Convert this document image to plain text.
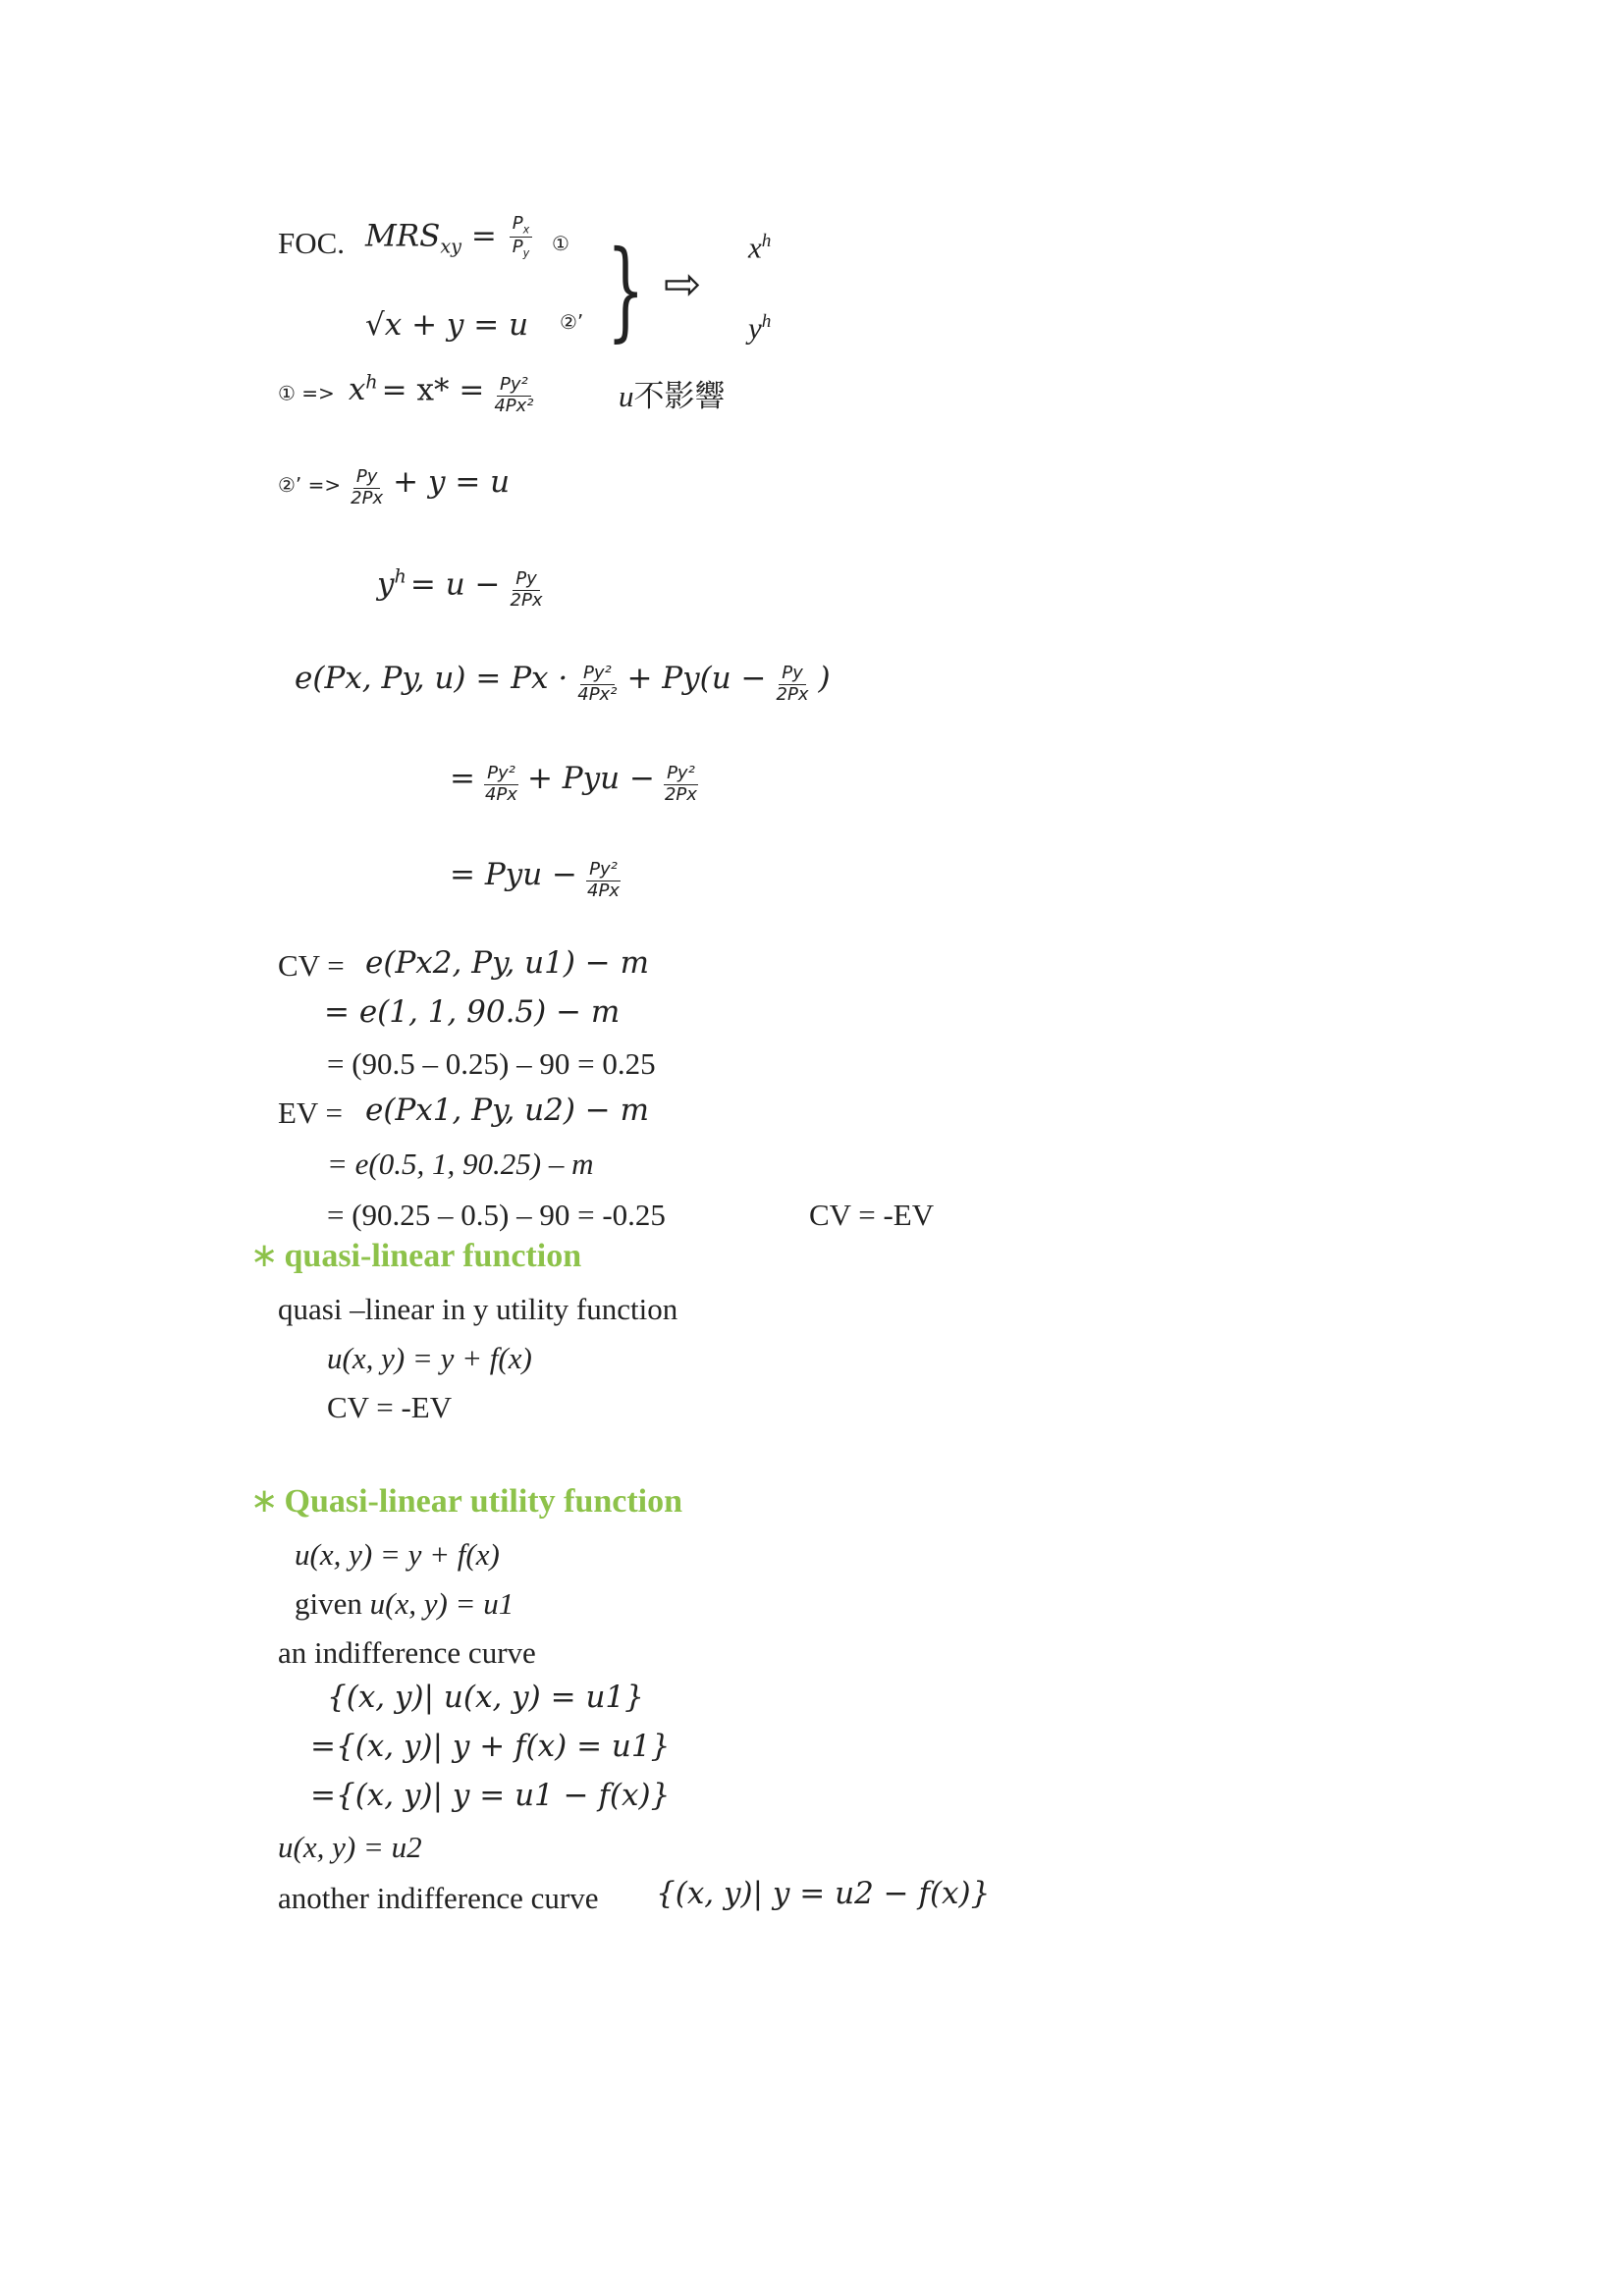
FOC. $MRS_{xy} = \frac{P_x}{P_y}$ ①
√x + y = u ②’ } ⇨
$x^h$
$y^h$
① => $x^h = x* = \frac{\text{Py²}}{\text{4Px²}}$	u不影響
②’ => $\frac{Py}{2Px} + y = u$
$y^h = u - \frac{Py}{2Px}$
e(Px, Py, $u) = Px \cdot \frac{\text{Py²}}{\text{4Px²}} + Py(u - \frac{Py}{2Px}$ )
= $\frac{\text{Py²}}{4Px}$ + Pyu − $\frac{\text{Py²}}{2Px}$
= Pyu − $\frac{\text{Py²}}{4Px}$
CV = e(Px2, Py, u1) − m
= e(1, 1, 90.5) − m
= (90.5 – 0.25) – 90 = 0.25
EV = e(Px1, Py, u2) − m
= e(0.5, 1, 90.25) – m
= (90.25 – 0.5) – 90 = -0.25	CV = -EV
∗ quasi-linear function
quasi –linear in y utility function
u(x, y) = y + f(x)
CV = -EV
∗ Quasi-linear utility function
u(x, y) = y + f(x)
given u(x, y) = u1
an indifference curve
{(x, y)| u(x, y) = u1}
={(x, y)| y + f(x) = u1}
={(x, y)| y = u1 − f(x)}
u(x, y) = u2
another indifference curve {(x, y)| y = u2 − f(x)}
